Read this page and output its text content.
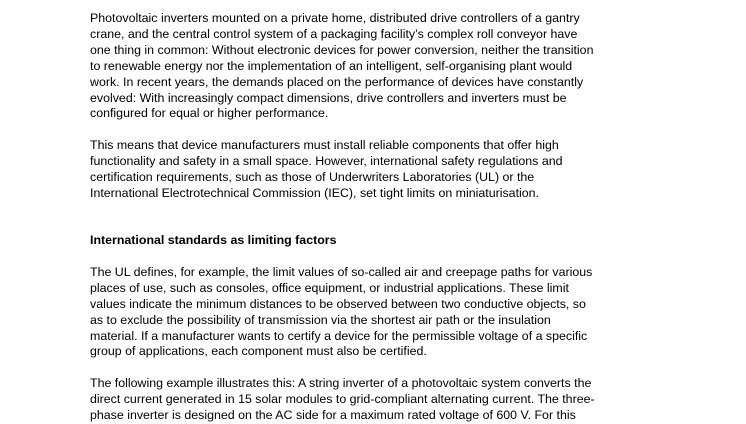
Photovoltaic inverters mounted on a private home, distributed drive controllers of a gantry
crane, and the central control system of a packaging facility’s complex roll conveyor have
one thing in common: Without electronic devices for power conversion, neither the transition
to renewable energy nor the implementation of an intelligent, self-organising plant would
work. In recent years, the demands placed on the performance of devices have constantly
evolved: With increasingly compact dimensions, drive controllers and inverters must be
configured for equal or higher performance.

This means that device manufacturers must install reliable components that offer high
functionality and safety in a small space. However, international safety regulations and
certification requirements, such as those of Underwriters Laboratories (UL) or the
International Electrotechnical Commission (IEC), set tight limits on miniaturisation.

International standards as limiting factors

The UL defines, for example, the limit values of so-called air and creepage paths for various
places of use, such as consoles, office equipment, or industrial applications. These limit
values indicate the minimum distances to be observed between two conductive objects, so
as to exclude the possibility of transmission via the shortest air path or the insulation
material. If a manufacturer wants to certify a device for the permissible voltage of a specific
group of applications, each component must also be certified.

The following example illustrates this: A string inverter of a photovoltaic system converts the
direct current generated in 15 solar modules to grid-compliant alternating current. The three-
phase inverter is designed on the AC side for a maximum rated voltage of 600 V. For this
